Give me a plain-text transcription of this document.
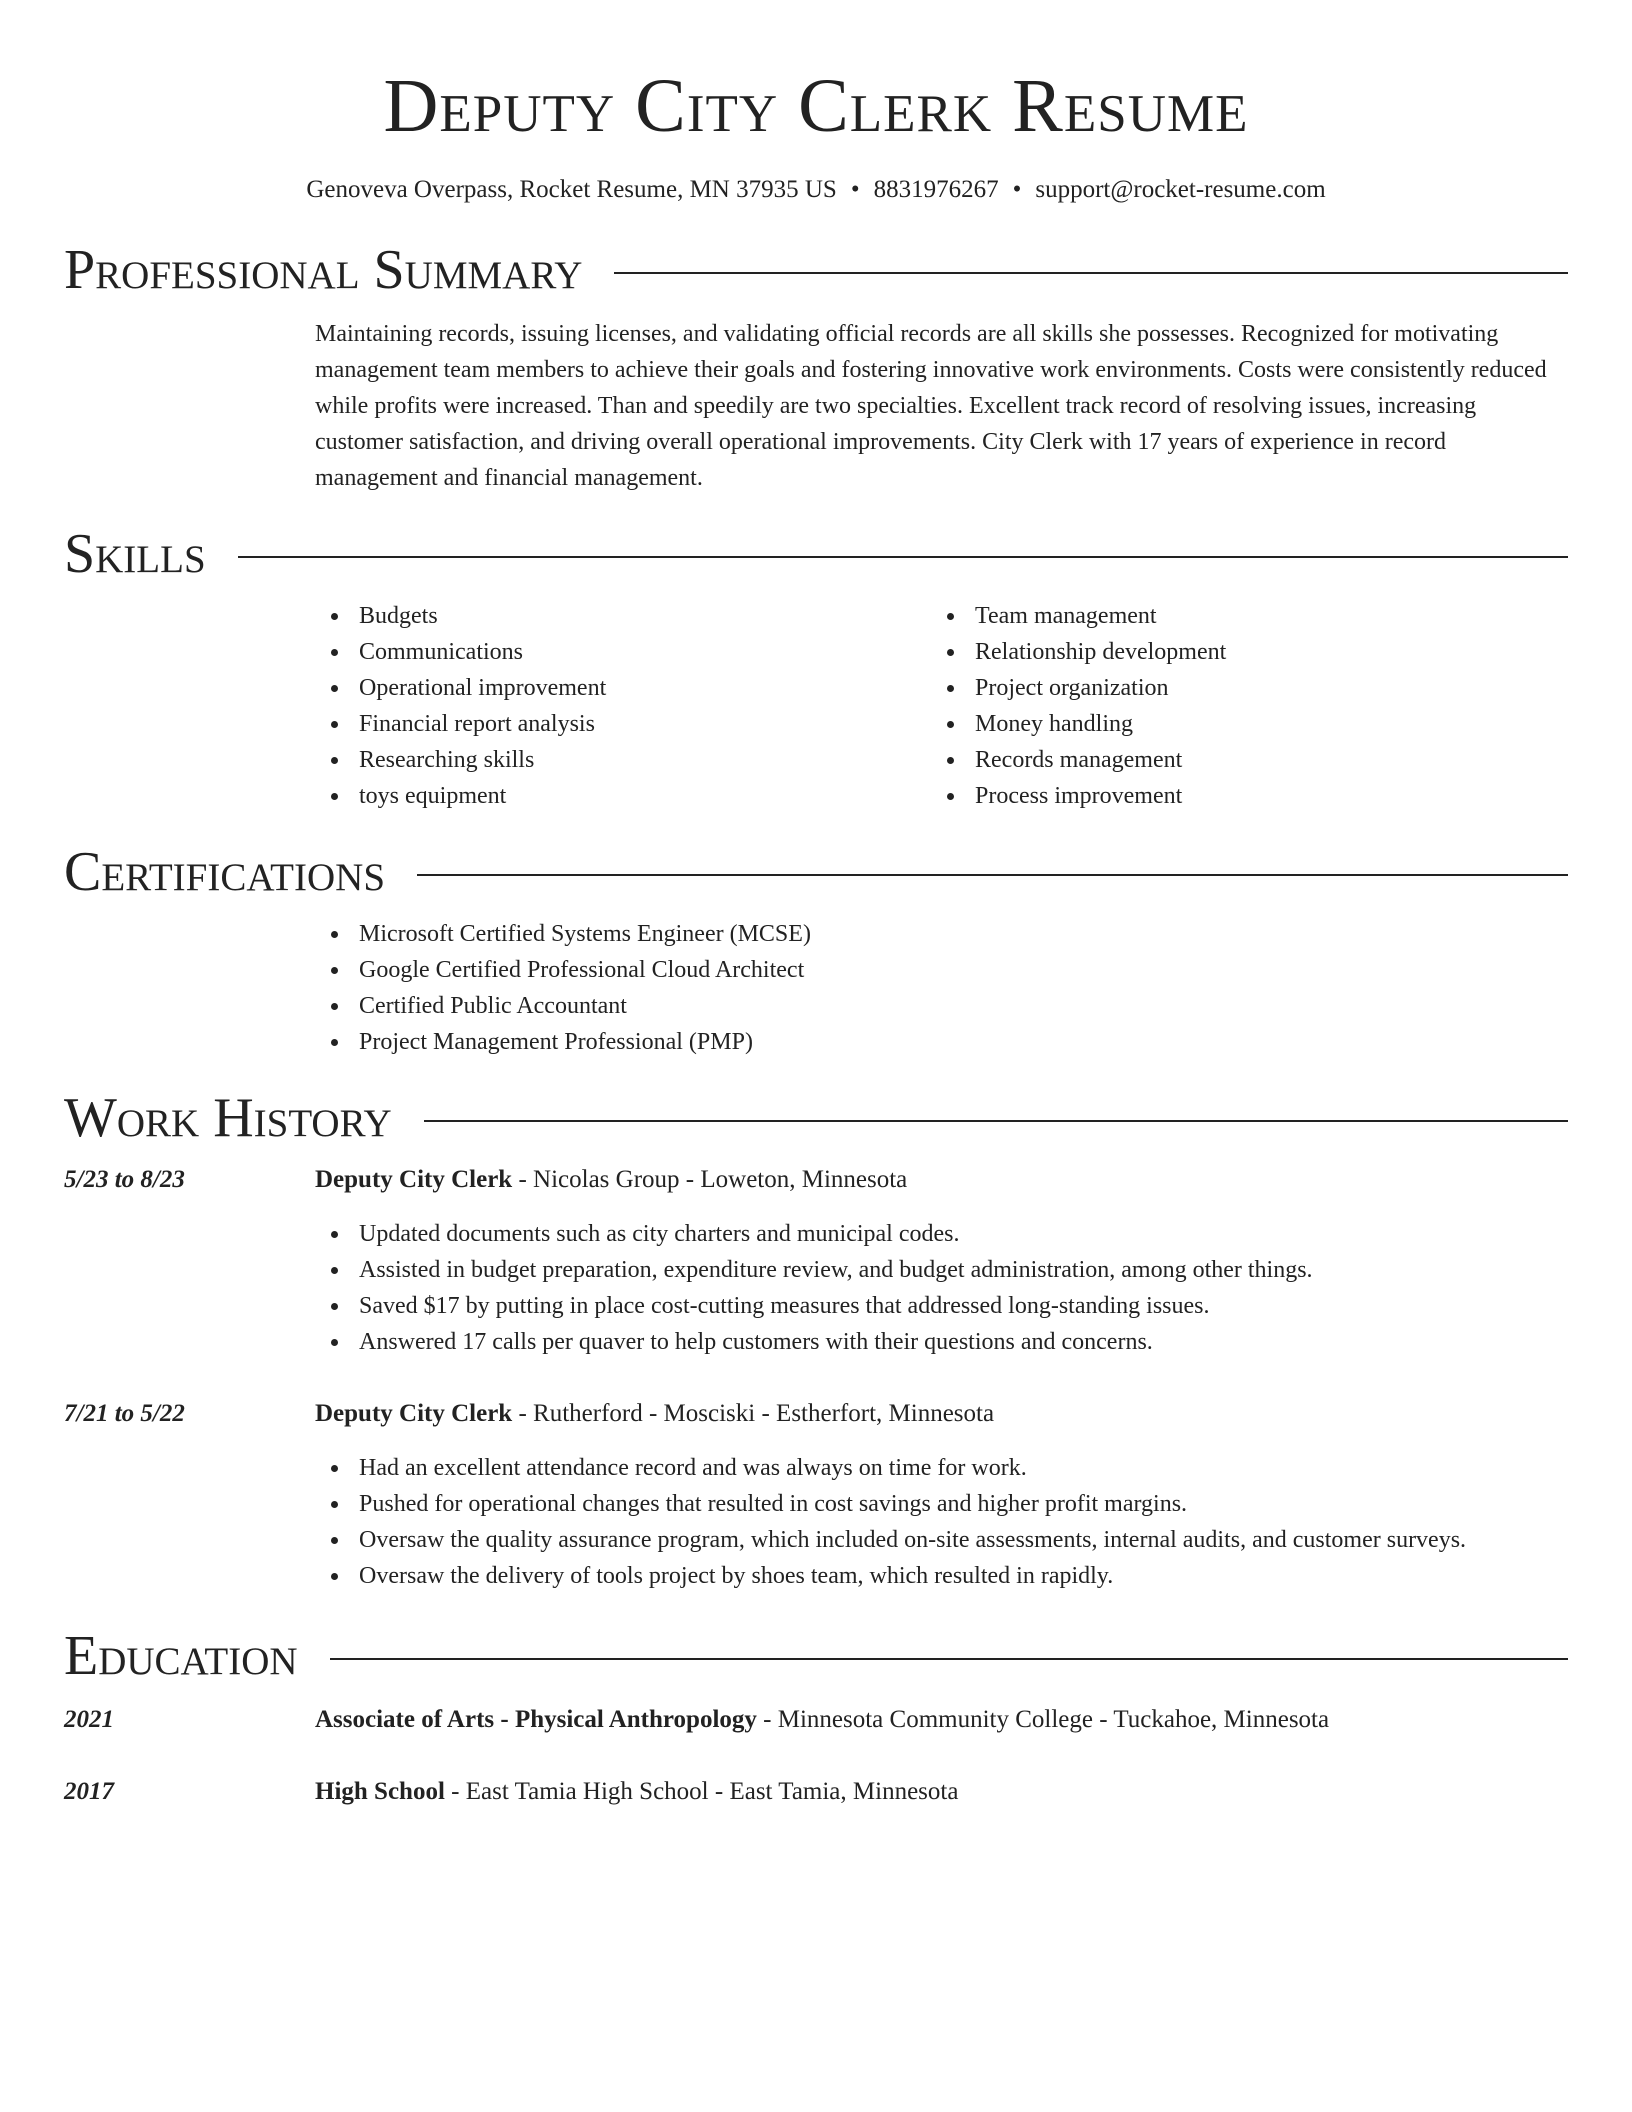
Deputy City Clerk Resume
Genoveva Overpass, Rocket Resume, MN 37935 US • 8831976267 • support@rocket-resume.com
Professional Summary

Maintaining records, issuing licenses, and validating official records are all skills she possesses. Recognized for motivating management team members to achieve their goals and fostering innovative work environments. Costs were consistently reduced while profits were increased. Than and speedily are two specialties. Excellent track record of resolving issues, increasing customer satisfaction, and driving overall operational improvements. City Clerk with 17 years of experience in record management and financial management.

Skills
Budgets
Communications
Operational improvement
Financial report analysis
Researching skills
toys equipment
Team management
Relationship development
Project organization
Money handling
Records management
Process improvement
Certifications
Microsoft Certified Systems Engineer (MCSE)
Google Certified Professional Cloud Architect
Certified Public Accountant
Project Management Professional (PMP)
Work History
5/23 to 8/23	Deputy City Clerk - Nicolas Group - Loweton, Minnesota
Updated documents such as city charters and municipal codes.
Assisted in budget preparation, expenditure review, and budget administration, among other things.
Saved $17 by putting in place cost-cutting measures that addressed long-standing issues.
Answered 17 calls per quaver to help customers with their questions and concerns.
7/21 to 5/22	Deputy City Clerk - Rutherford - Mosciski - Estherfort, Minnesota
Had an excellent attendance record and was always on time for work.
Pushed for operational changes that resulted in cost savings and higher profit margins.
Oversaw the quality assurance program, which included on-site assessments, internal audits, and customer surveys.
Oversaw the delivery of tools project by shoes team, which resulted in rapidly.
Education
2021	Associate of Arts - Physical Anthropology - Minnesota Community College - Tuckahoe, Minnesota
2017	High School - East Tamia High School - East Tamia, Minnesota
